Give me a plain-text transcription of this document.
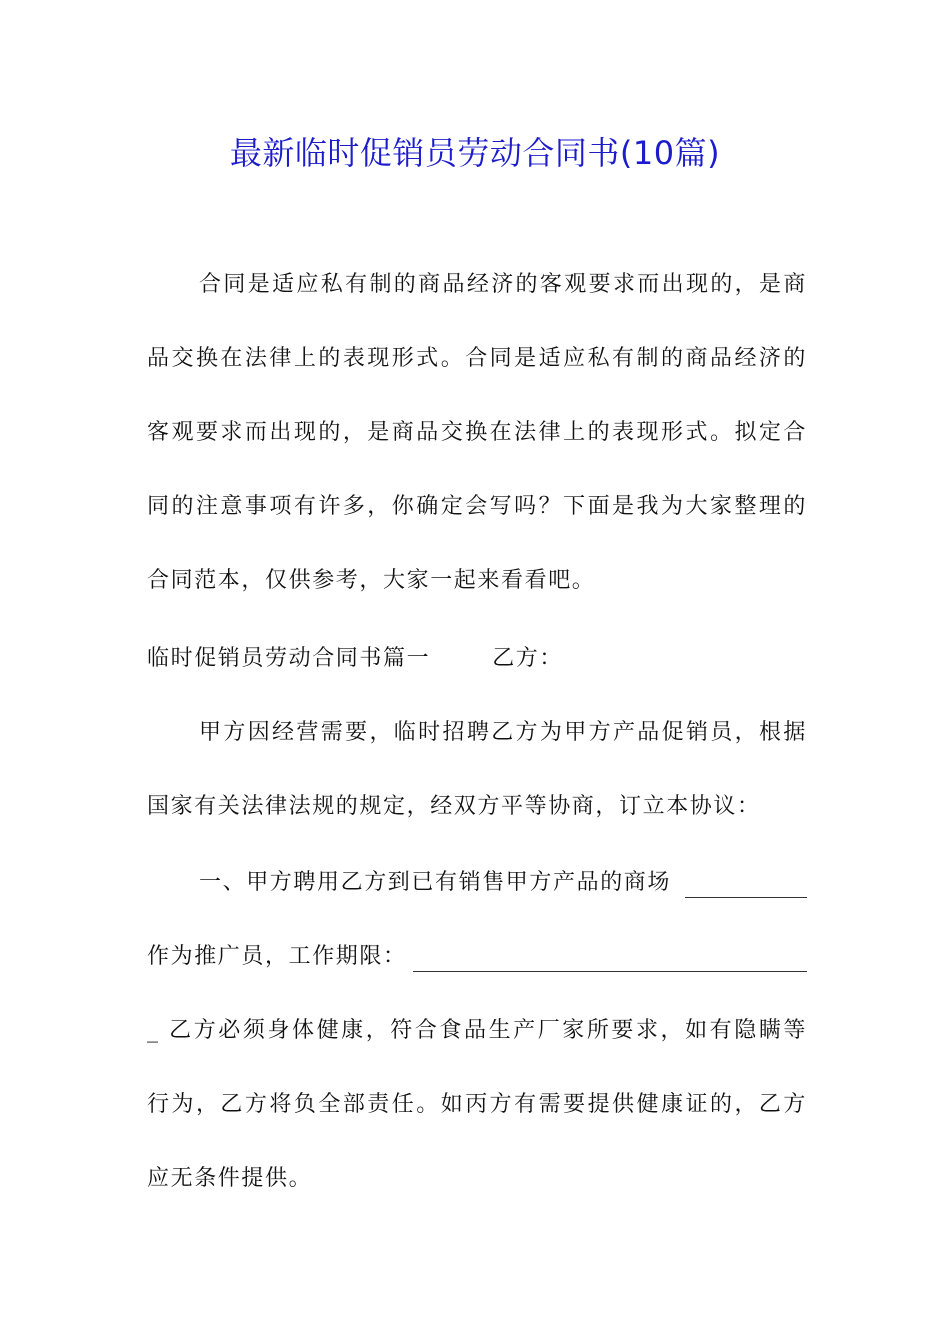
最新临时促销员劳动合同书(10篇)
合同是适应私有制的商品经济的客观要求而出现的，是商
品交换在法律上的表现形式。合同是适应私有制的商品经济的
客观要求而出现的，是商品交换在法律上的表现形式。拟定合
同的注意事项有许多，你确定会写吗？下面是我为大家整理的
合同范本，仅供参考，大家一起来看看吧。
临时促销员劳动合同书篇一	乙方：
甲方因经营需要，临时招聘乙方为甲方产品促销员，根据
国家有关法律法规的规定，经双方平等协商，订立本协议：
一、甲方聘用乙方到已有销售甲方产品的商场
作为推广员，工作期限：
_ 乙方必须身体健康，符合食品生产厂家所要求，如有隐瞒等
行为，乙方将负全部责任。如丙方有需要提供健康证的，乙方
应无条件提供。
